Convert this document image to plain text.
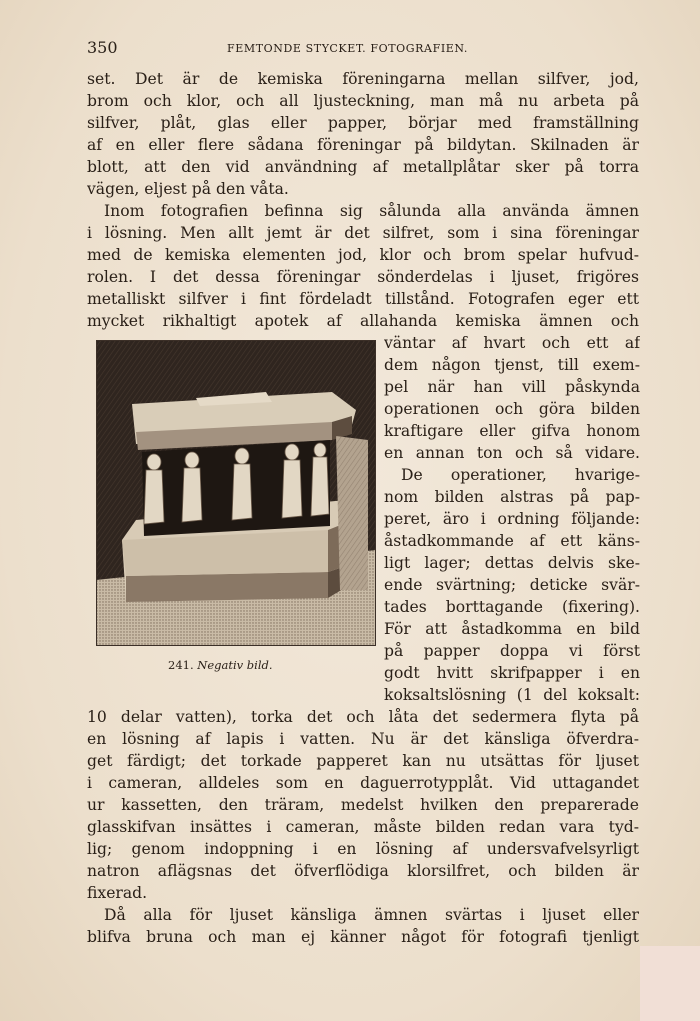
350	FEMTONDE STYCKET. FOTOGRAFIEN.
set. Det är de kemiska föreningarna mellan silfver, jod,
brom och klor, och all ljusteckning, man må nu arbeta på
silfver, plåt, glas eller papper, börjar med framställning
af en eller flere sådana föreningar på bildytan. Skilnaden är
blott, att den vid användning af metallplåtar sker på torra
vägen, eljest på den våta.
Inom fotografien befinna sig sålunda alla använda ämnen
i lösning. Men allt jemt är det silfret, som i sina föreningar
med de kemiska elementen jod, klor och brom spelar hufvud-
rolen. I det dessa föreningar sönderdelas i ljuset, frigöres
metalliskt silfver i fint fördeladt tillstånd. Fotografen eger ett
mycket rikhaltigt apotek af allahanda kemiska ämnen och
väntar af hvart och ett af
dem någon tjenst, till exem-
pel när han vill påskynda
operationen och göra bilden
kraftigare eller gifva honom
en annan ton och så vidare.
De operationer, hvarige-
nom bilden alstras på pap-
peret, äro i ordning följande:
åstadkommande af ett käns-
ligt lager; dettas delvis ske-
ende svärtning; deticke svär-
tades borttagande (fixering).
För att åstadkomma en bild
på papper doppa vi först
godt hvitt skrifpapper i en
koksaltslösning (1 del koksalt:
241. Negativ bild.
10 delar vatten), torka det och låta det sedermera flyta på
en lösning af lapis i vatten. Nu är det känsliga öfverdra-
get färdigt; det torkade papperet kan nu utsättas för ljuset
i cameran, alldeles som en daguerrotypplåt. Vid uttagandet
ur kassetten, den träram, medelst hvilken den preparerade
glasskifvan insättes i cameran, måste bilden redan vara tyd-
lig; genom indoppning i en lösning af undersvafvelsyrligt
natron aflägsnas det öfverflödiga klorsilfret, och bilden är
fixerad.
Då alla för ljuset känsliga ämnen svärtas i ljuset eller
blifva bruna och man ej känner något för fotografi tjenligt
